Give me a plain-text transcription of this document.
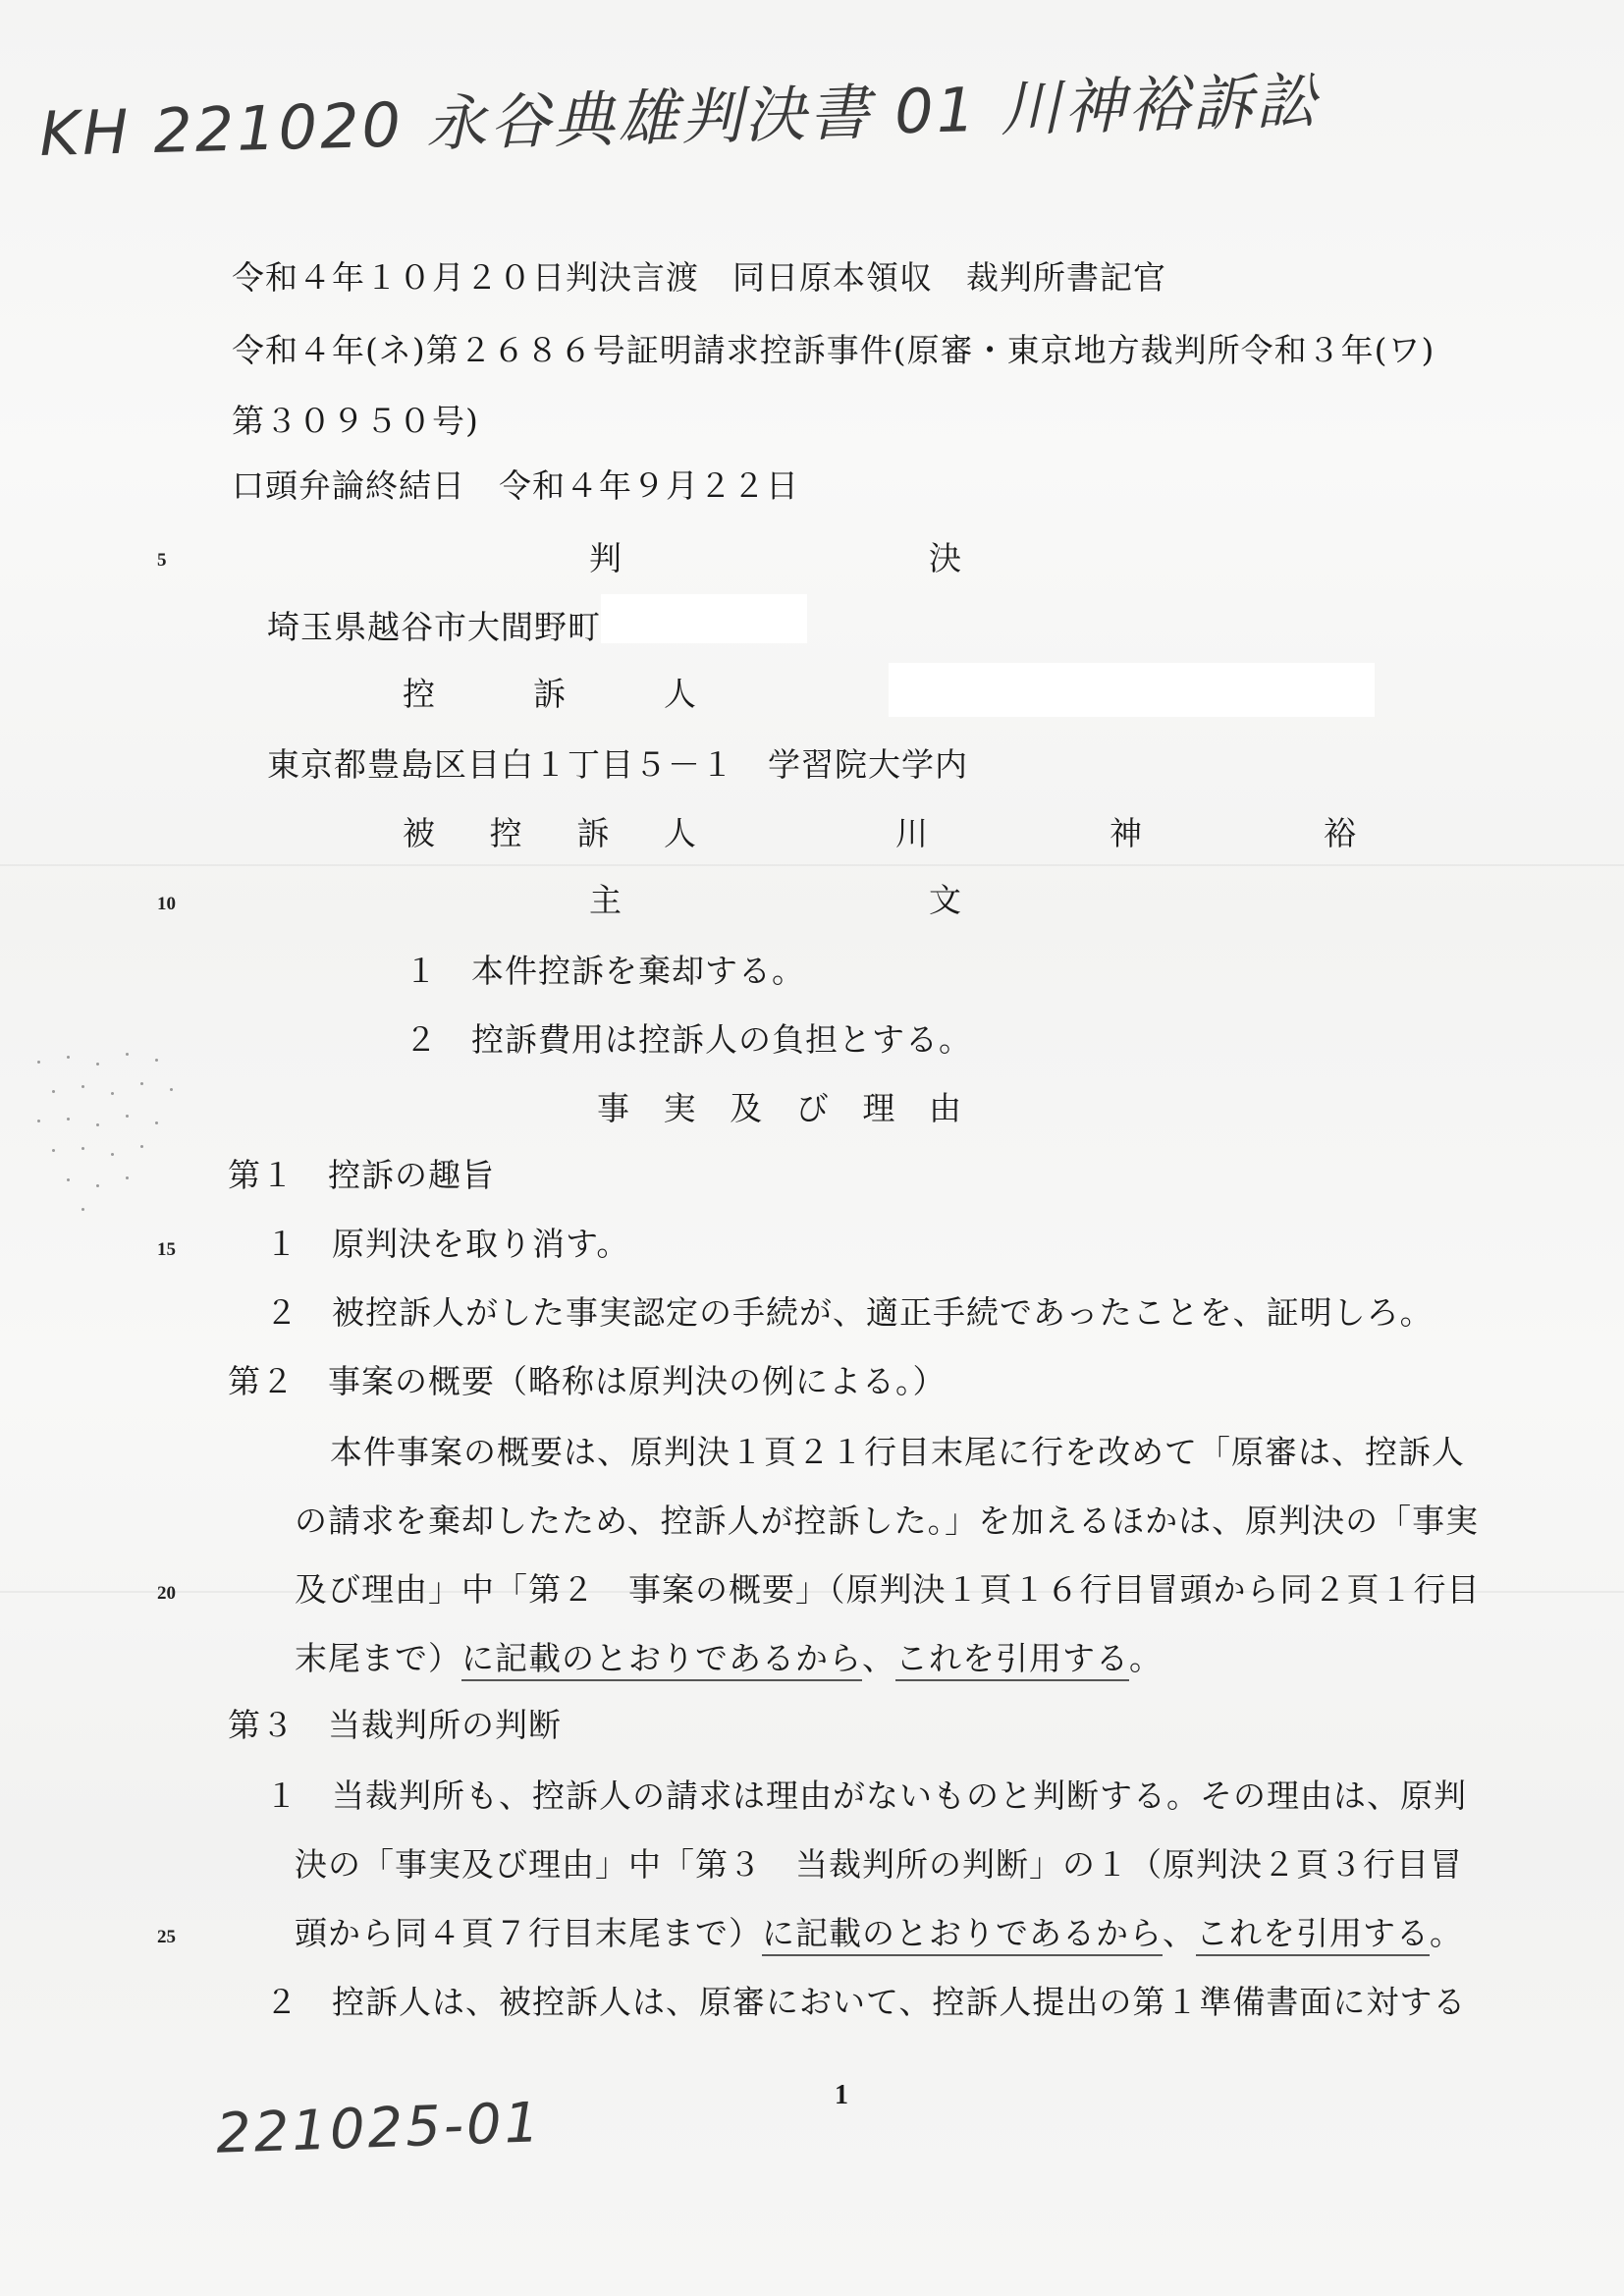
KH 221020 永谷典雄判決書 01 川神裕訴訟
令和４年１０月２０日判決言渡　同日原本領収　裁判所書記官
令和４年(ネ)第２６８６号証明請求控訴事件(原審・東京地方裁判所令和３年(ワ)
第３０９５０号)
口頭弁論終結日　令和４年９月２２日
5	判	決
埼玉県越谷市大間野町
控	訴	人
東京都豊島区目白１丁目５－１　学習院大学内
被 控 訴 人	川	神	裕
10	主	文
１　本件控訴を棄却する。
２　控訴費用は控訴人の負担とする。
事 実 及 び 理 由
第１　控訴の趣旨
15	１　原判決を取り消す。
２　被控訴人がした事実認定の手続が、適正手続であったことを、証明しろ。
第２　事案の概要（略称は原判決の例による。）
本件事案の概要は、原判決１頁２１行目末尾に行を改めて「原審は、控訴人
の請求を棄却したため、控訴人が控訴した。」を加えるほかは、原判決の「事実
20	及び理由」中「第２　事案の概要」（原判決１頁１６行目冒頭から同２頁１行目
末尾まで）に記載のとおりであるから、これを引用する。
第３　当裁判所の判断
１　当裁判所も、控訴人の請求は理由がないものと判断する。その理由は、原判
決の「事実及び理由」中「第３　当裁判所の判断」の１（原判決２頁３行目冒
25	頭から同４頁７行目末尾まで）に記載のとおりであるから、これを引用する。
２　控訴人は、被控訴人は、原審において、控訴人提出の第１準備書面に対する
1
221025-01
